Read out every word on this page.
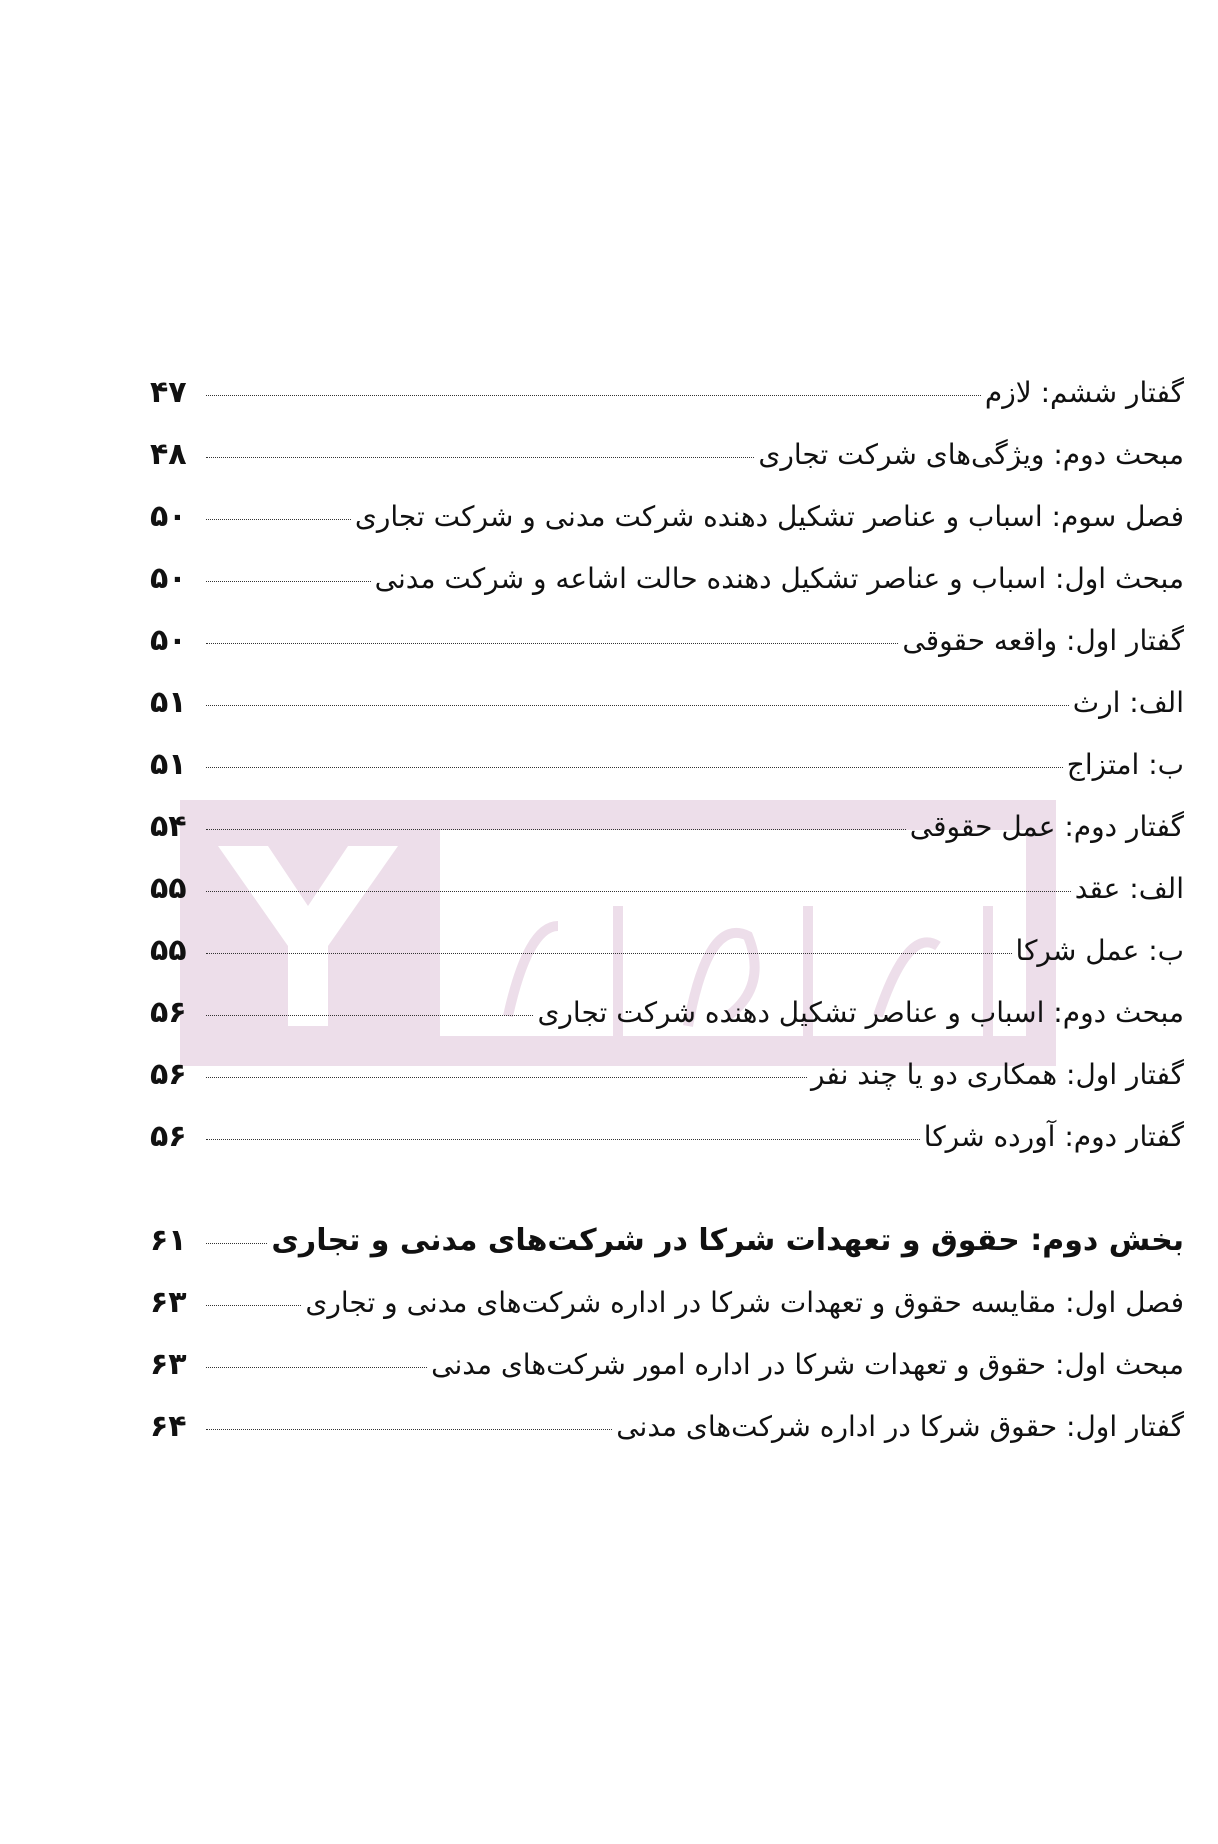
گفتار ششم: لازم
۴۷
مبحث دوم: ویژگی‌های شرکت تجاری
۴۸
فصل سوم: اسباب و عناصر تشکیل دهنده شرکت مدنی و شرکت تجاری
۵۰
مبحث اول: اسباب و عناصر تشکیل دهنده حالت اشاعه و شرکت مدنی
۵۰
گفتار اول: واقعه حقوقی
۵۰
الف: ارث
۵۱
ب: امتزاج
۵۱
گفتار دوم: عمل حقوقی
۵۴
الف: عقد
۵۵
ب: عمل شرکا
۵۵
مبحث دوم: اسباب و عناصر تشکیل دهنده شرکت تجاری
۵۶
گفتار اول: همکاری دو یا چند نفر
۵۶
گفتار دوم: آورده شرکا
۵۶
بخش دوم: حقوق و تعهدات شرکا در شرکت‌های مدنی و تجاری
۶۱
فصل اول: مقایسه حقوق و تعهدات شرکا در اداره شرکت‌های مدنی و تجاری
۶۳
مبحث اول: حقوق و تعهدات شرکا در اداره امور شرکت‌های مدنی
۶۳
گفتار اول: حقوق شرکا در اداره شرکت‌های مدنی
۶۴
